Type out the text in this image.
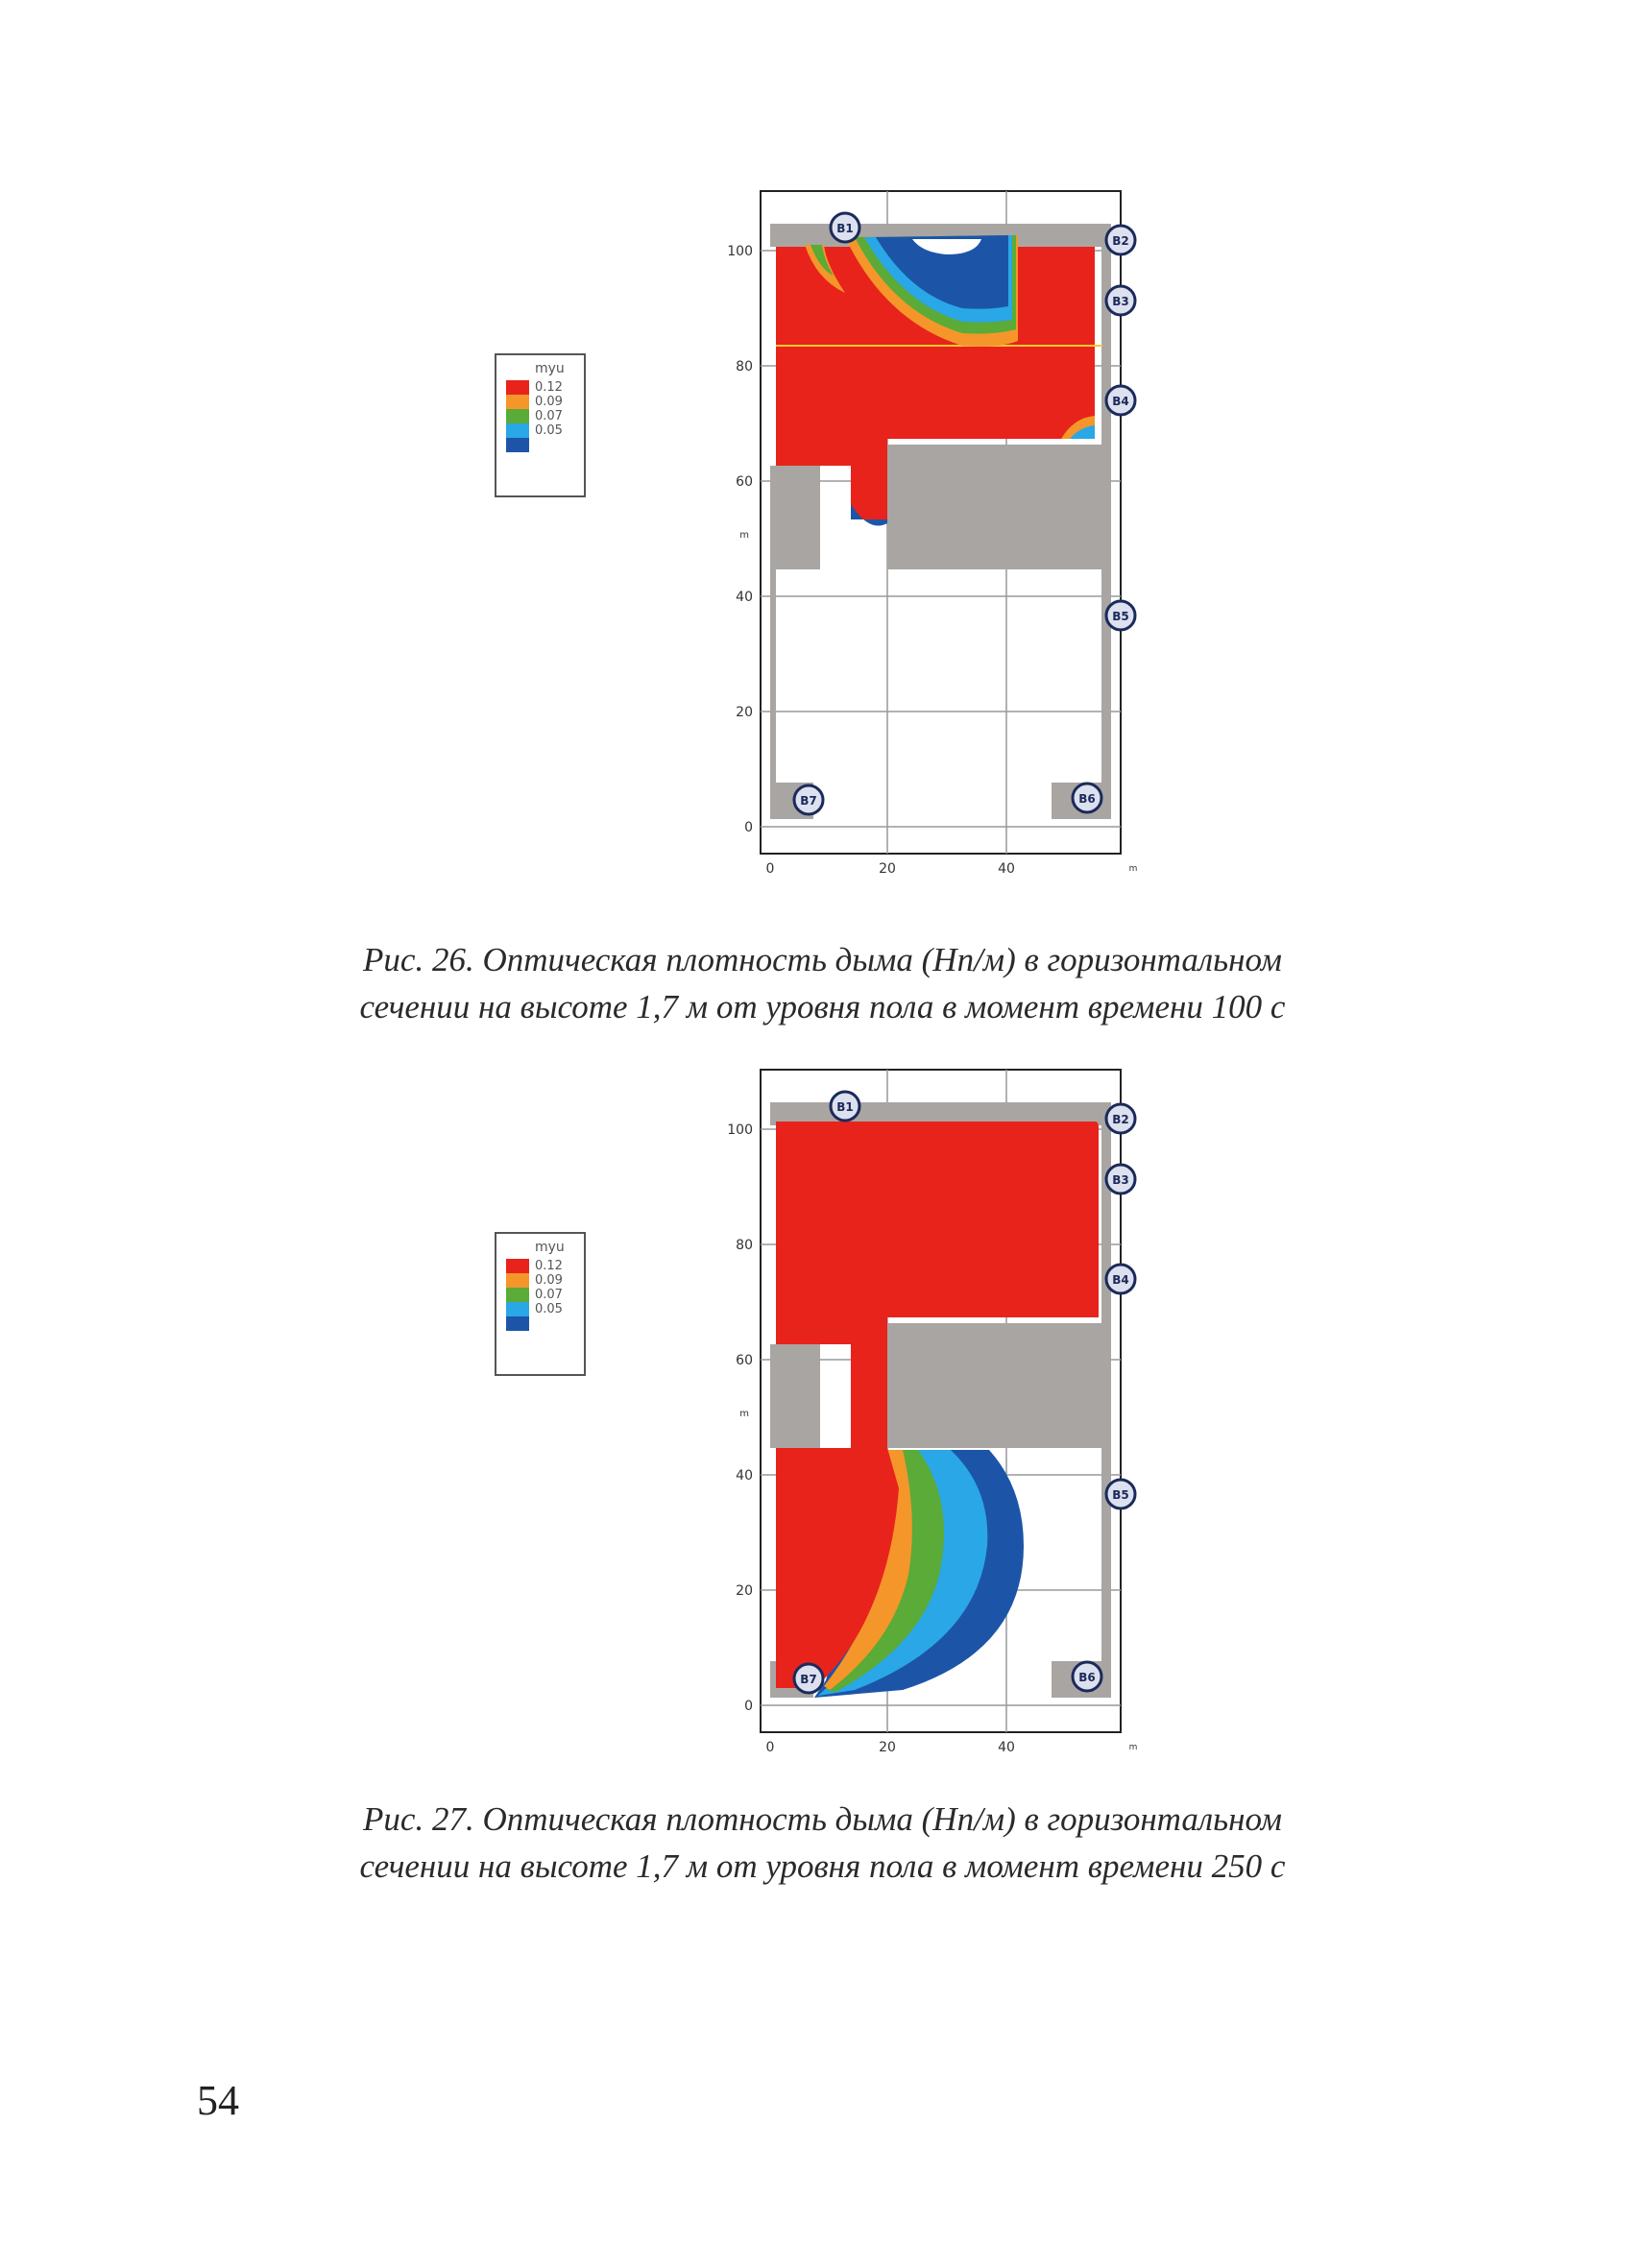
myu
0.12
0.09
0.07
0.05
100
80
60
40
20
0
m
0	20	40	m
B1
B2
B3
B4
B5
B6
B7
Рис. 26. Оптическая плотность дыма (Нп/м) в горизонтальном
сечении на высоте 1,7 м от уровня пола в момент времени 100 с
myu
0.12
0.09
0.07
0.05
100
80
60
40
20
0
m
0	20	40	m
B1
B2
B3
B4
B5
B6
B7
Рис. 27. Оптическая плотность дыма (Нп/м) в горизонтальном
сечении на высоте 1,7 м от уровня пола в момент времени 250 с
54
